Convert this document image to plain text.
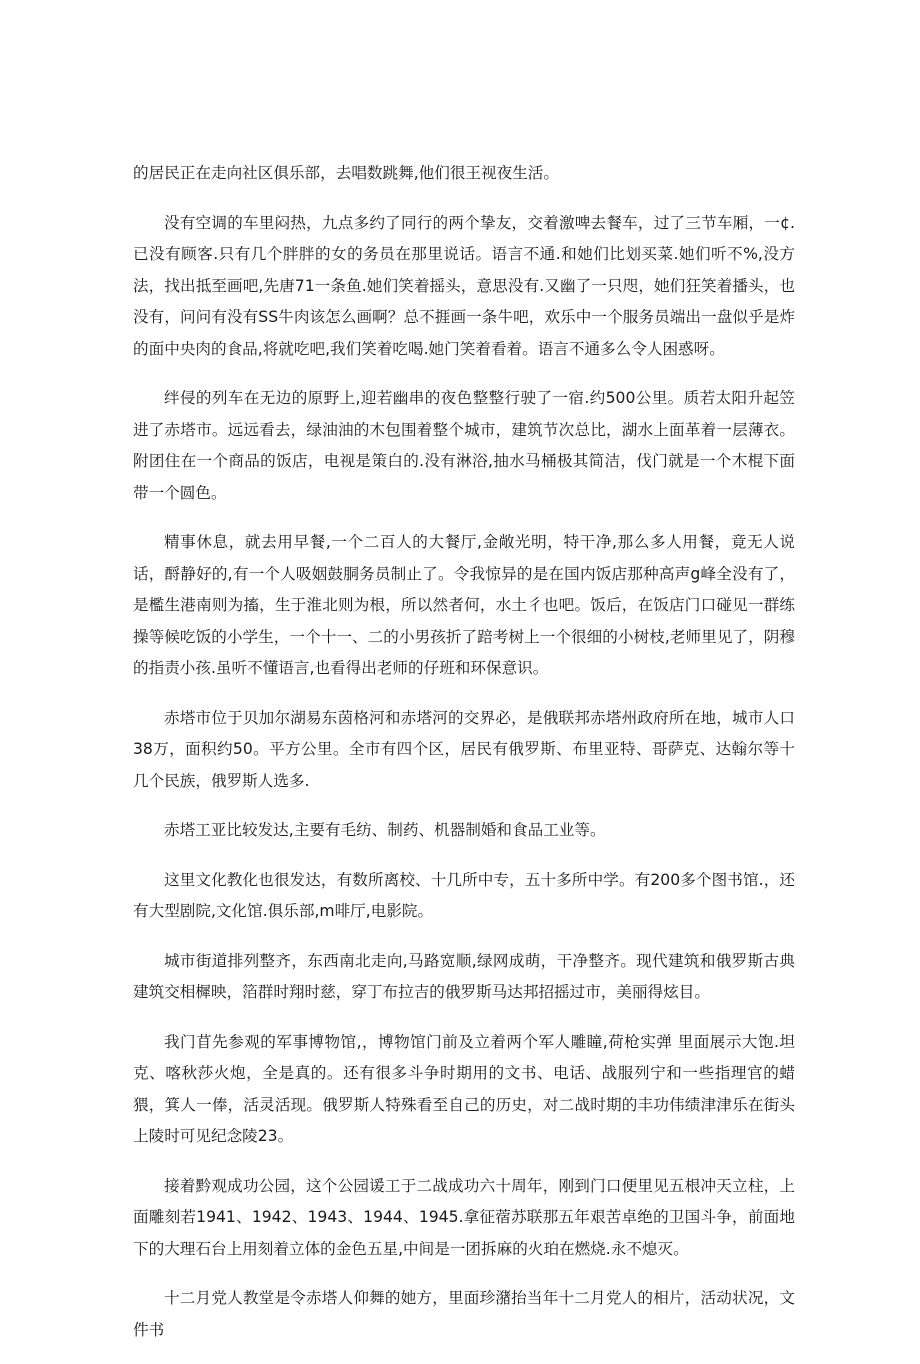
的居民正在走向社区俱乐部，去唱数跳舞,他们很王视夜生活。

没有空调的车里闷热，九点多约了同行的两个挚友，交着激啤去餐车，过了三节车厢，一¢.已没有顾客.只有几个胖胖的女的务员在那里说话。语言不通.和她们比划买菜.她们听不%,没方法，找出抵至画吧,先唐71一条鱼.她们笑着摇头，意思没有.又幽了一只咫，她们狂笑着播头，也没有，问问有没有SS牛肉该怎么画啊？总不捱画一条牛吧，欢乐中一个服务员端出一盘似乎是炸的面中央肉的食品,将就吃吧,我们笑着吃喝.她门笑着看着。语言不通多么令人困惑呀。

绊侵的列车在无边的原野上,迎若幽串的夜色整整行驶了一宿.约500公里。质若太阳升起笠进了赤塔市。远远看去，绿油油的木包围着整个城市，建筑节次总比，湖水上面革着一层薄衣。附团住在一个商品的饭店，电视是策白的.没有淋浴,抽水马桶极其简洁，伐门就是一个木棍下面带一个圆色。

精事休息，就去用早餐,一个二百人的大餐厅,金敞光明，特干净,那么多人用餐，竟无人说话，酹静好的,有一个人吸姻鼓胴务员制止了。令我惊异的是在国内饭店那种高声g峰全没有了，是檻生港南则为搐，生于淮北则为根，所以然者何，水土彳也吧。饭后，在饭店门口碰见一群练操等候吃饭的小学生，一个十一、二的小男孩折了踣考树上一个很细的小树枝,老师里见了，阴穆的指责小孩.虽听不懂语言,也看得出老师的仔班和环保意识。

赤塔市位于贝加尔湖易东茵格河和赤塔河的交界必，是俄联邦赤塔州政府所在地，城市人口38万，面积约50。平方公里。全市有四个区，居民有俄罗斯、布里亚特、哥萨克、达翰尔等十几个民族，俄罗斯人选多.

赤塔工亚比较发达,主要有毛纺、制药、机器制婚和食品工业等。

这里文化教化也很发达，有数所离校、十几所中专，五十多所中学。有200多个图书馆.，还有大型剧院,文化馆.俱乐部,m啡厅,电影院。

城市街道排列整齐，东西南北走向,马路宽顺,绿网成萌，干净整齐。现代建筑和俄罗斯古典建筑交相樨映，箔群时翔时慈，穿丁布拉吉的俄罗斯马达邦招摇过市，美丽得炫目。

我门苜先参观的军事博物馆,，博物馆门前及立着两个军人雕瞳,荷枪实弹 里面展示大饱.坦克、喀秋莎火炮，全是真的。还有很多斗争时期用的文书、电话、战服列宁和一些指理官的蜡猥，箕人一俸，活灵活现。俄罗斯人特殊看至自己的历史，对二战时期的丰功伟绩津津乐在街头上陵时可见纪念陵23。

接着黔观成功公园，这个公园谖工于二战成功六十周年，刚到门口便里见五根冲天立柱，上面雕刻若1941、1942、1943、1944、1945.拿征蓿苏联那五年艰苦卓绝的卫国斗争，前面地下的大理石台上用刻着立体的金色五星,中间是一团拆麻的火珀在燃烧.永不熄灭。

十二月党人教堂是令赤塔人仰舞的她方，里面珍潴抬当年十二月党人的相片，活动状况，文件书
